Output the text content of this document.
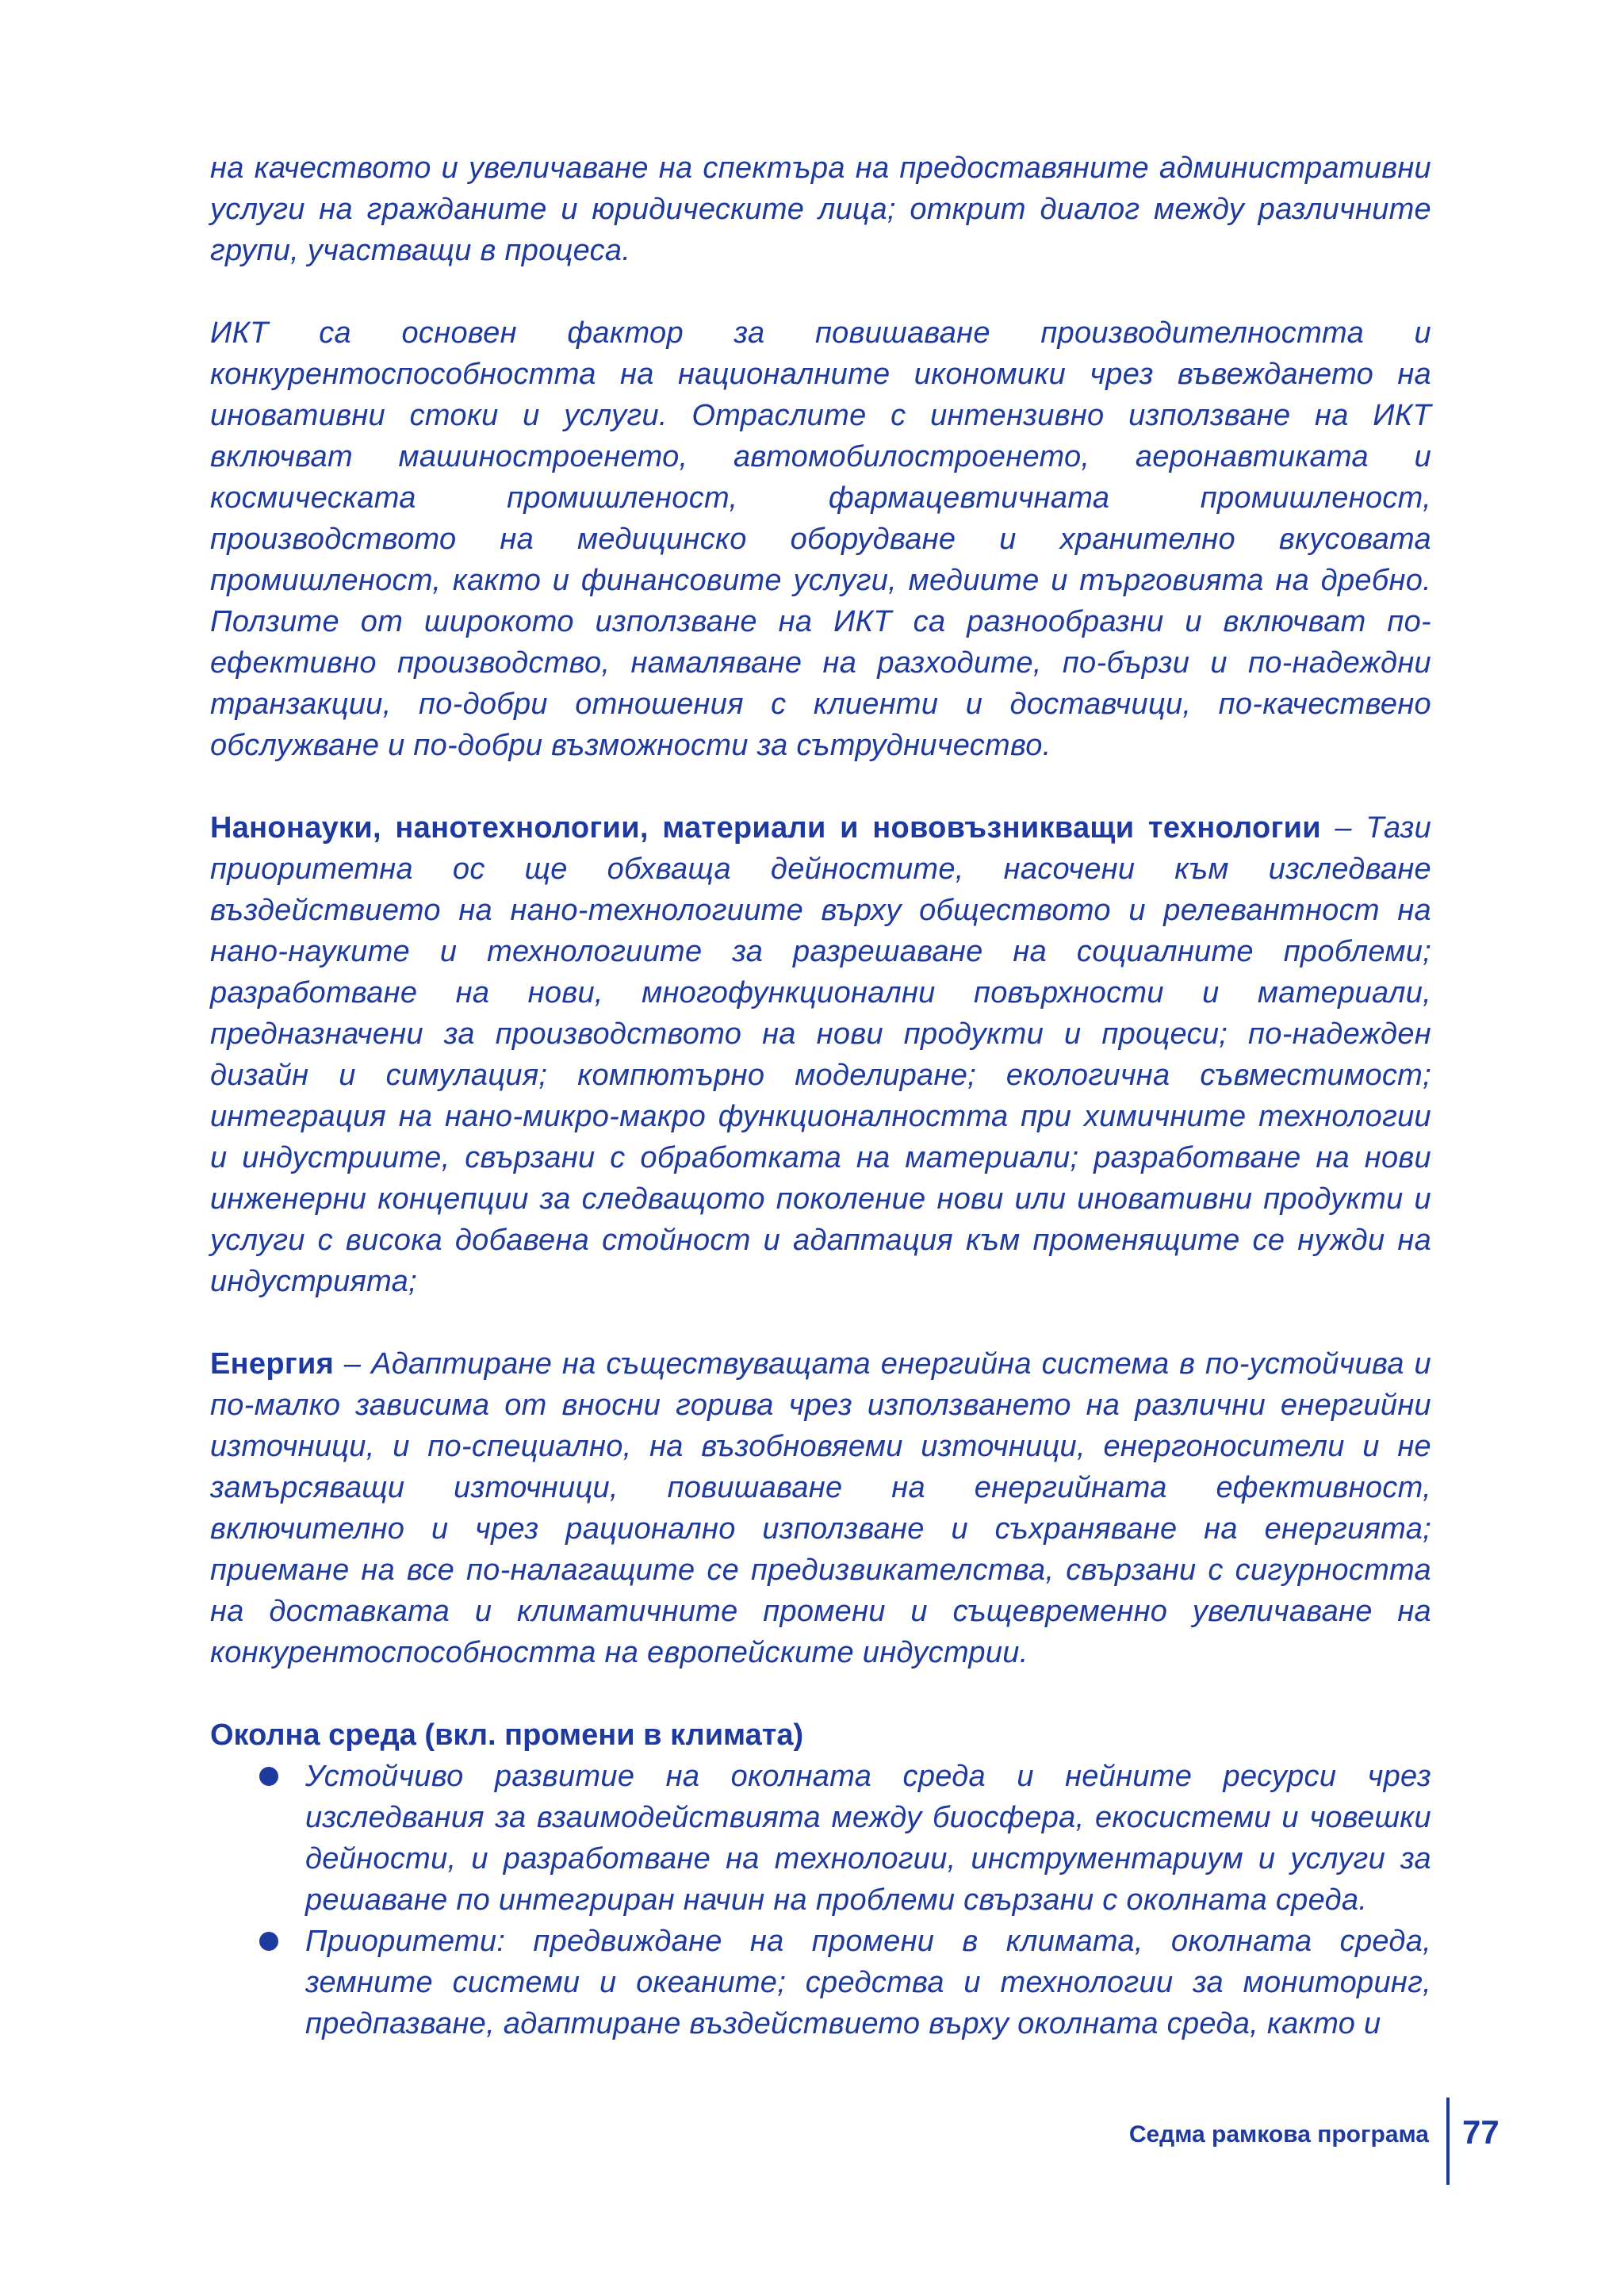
на качеството и увеличаване на спектъра на предоставяните административни услуги на гражданите и юридическите лица; открит диалог между различните групи, участващи в процеса.

ИКТ са основен фактор за повишаване производителността и конкурентоспособността на националните икономики чрез въвеждането на иновативни стоки и услуги. Отраслите с интензивно използване на ИКТ включват машиностроенето, автомобилостроенето, аеронавтиката и космическата промишленост, фармацевтичната промишленост, производството на медицинско оборудване и хранително вкусовата промишленост, както и финансовите услуги, медиите и търговията на дребно. Ползите от широкото използване на ИКТ са разнообразни и включват по-ефективно производство, намаляване на разходите, по-бързи и по-надеждни транзакции, по-добри отношения с клиенти и доставчици, по-качествено обслужване и по-добри възможности за сътрудничество.

Нанонауки, нанотехнологии, материали и нововъзникващи технологии – Тази приоритетна ос ще обхваща дейностите, насочени към изследване въздействието на нано-технологиите върху обществото и релевантност на нано-науките и технологиите за разрешаване на социалните проблеми; разработване на нови, многофункционални повърхности и материали, предназначени за производството на нови продукти и процеси; по-надежден дизайн и симулация; компютърно моделиране; екологична съвместимост; интеграция на нано-микро-макро функционалността при химичните технологии и индустриите, свързани с обработката на материали; разработване на нови инженерни концепции за следващото поколение нови или иновативни продукти и услуги с висока добавена стойност и адаптация към променящите се нужди на индустрията;

Енергия – Адаптиране на съществуващата енергийна система в по-устойчива и по-малко зависима от вносни горива чрез използването на различни енергийни източници, и по-специално, на възобновяеми източници, енергоносители и не замърсяващи източници, повишаване на енергийната ефективност, включително и чрез рационално използване и съхраняване на енергията; приемане на все по-налагащите се предизвикателства, свързани с сигурността на доставката и климатичните промени и същевременно увеличаване на конкурентоспособността на европейските индустрии.

Околна среда (вкл. промени в климата)
Устойчиво развитие на околната среда и нейните ресурси чрез изследвания за взаимодействията между биосфера, екосистеми и човешки дейности, и разработване на технологии, инструментариум и услуги за решаване по интегриран начин на проблеми свързани с околната среда.
Приоритети: предвиждане на промени в климата, околната среда, земните системи и океаните; средства и технологии за мониторинг, предпазване, адаптиране въздействието върху околната среда, както и
Седма рамкова програма 77
